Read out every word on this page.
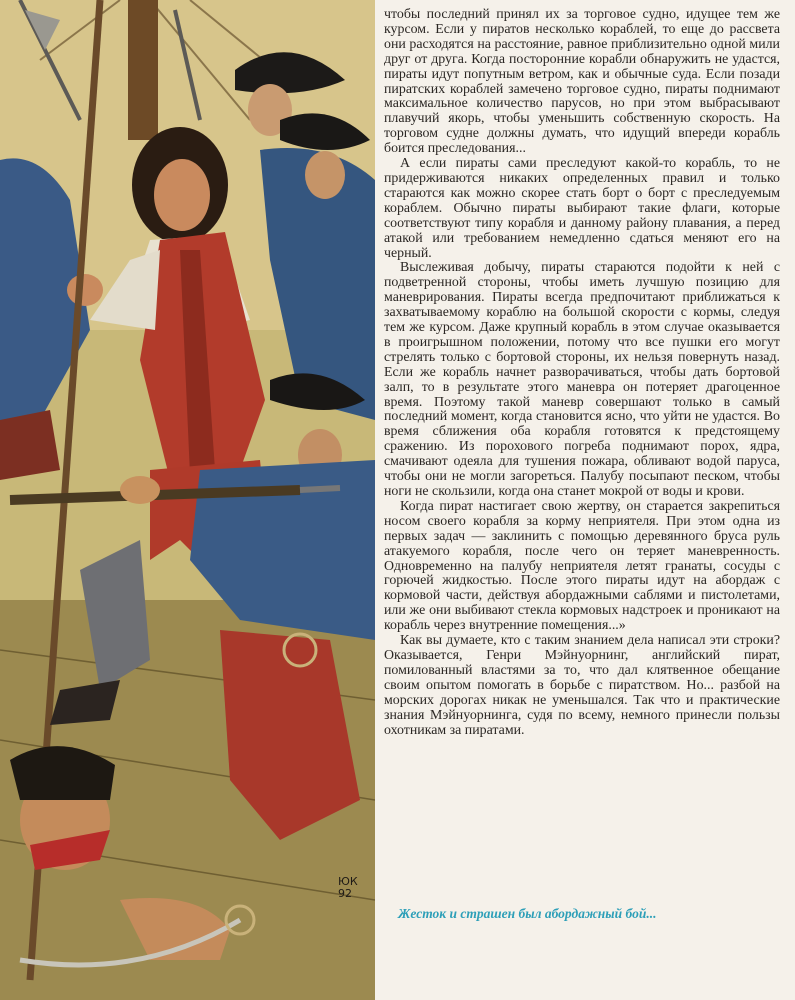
ЮК 92

чтобы последний принял их за торговое судно, идущее тем же курсом. Если у пиратов несколько кораблей, то еще до рассвета они расходятся на расстояние, равное приблизительно одной мили друг от друга. Когда посторонние корабли обнаружить не удастся, пираты идут попутным ветром, как и обычные суда. Если позади пиратских кораблей замечено торговое судно, пираты поднимают максимальное количество парусов, но при этом выбрасывают плавучий якорь, чтобы уменьшить собственную скорость. На торговом судне должны думать, что идущий впереди корабль боится преследования...

А если пираты сами преследуют какой-то корабль, то не придерживаются никаких определенных правил и только стараются как можно скорее стать борт о борт с преследуемым кораблем. Обычно пираты выбирают такие флаги, которые соответствуют типу корабля и данному району плавания, а перед атакой или требованием немедленно сдаться меняют его на черный.

Выслеживая добычу, пираты стараются подойти к ней с подветренной стороны, чтобы иметь лучшую позицию для маневрирования. Пираты всегда предпочитают приближаться к захватываемому кораблю на большой скорости с кормы, следуя тем же курсом. Даже крупный корабль в этом случае оказывается в проигрышном положении, потому что все пушки его могут стрелять только с бортовой стороны, их нельзя повернуть назад. Если же корабль начнет разворачиваться, чтобы дать бортовой залп, то в результате этого маневра он потеряет драгоценное время. Поэтому такой маневр совершают только в самый последний момент, когда становится ясно, что уйти не удастся. Во время сближения оба корабля готовятся к предстоящему сражению. Из порохового погреба поднимают порох, ядра, смачивают одеяла для тушения пожара, обливают водой паруса, чтобы они не могли загореться. Палубу посыпают песком, чтобы ноги не скользили, когда она станет мокрой от воды и крови.

Когда пират настигает свою жертву, он старается закрепиться носом своего корабля за корму неприятеля. При этом одна из первых задач — заклинить с помощью деревянного бруса руль атакуемого корабля, после чего он теряет маневренность. Одновременно на палубу неприятеля летят гранаты, сосуды с горючей жидкостью. После этого пираты идут на абордаж с кормовой части, действуя абордажными саблями и пистолетами, или же они выбивают стекла кормовых надстроек и проникают на корабль через внутренние помещения...»

Как вы думаете, кто с таким знанием дела написал эти строки? Оказывается, Генри Мэйнуорнинг, английский пират, помилованный властями за то, что дал клятвенное обещание своим опытом помогать в борьбе с пиратством. Но... разбой на морских дорогах никак не уменьшался. Так что и практические знания Мэйнуорнинга, судя по всему, немного принесли пользы охотникам за пиратами.

Жесток и страшен был абордажный бой...
